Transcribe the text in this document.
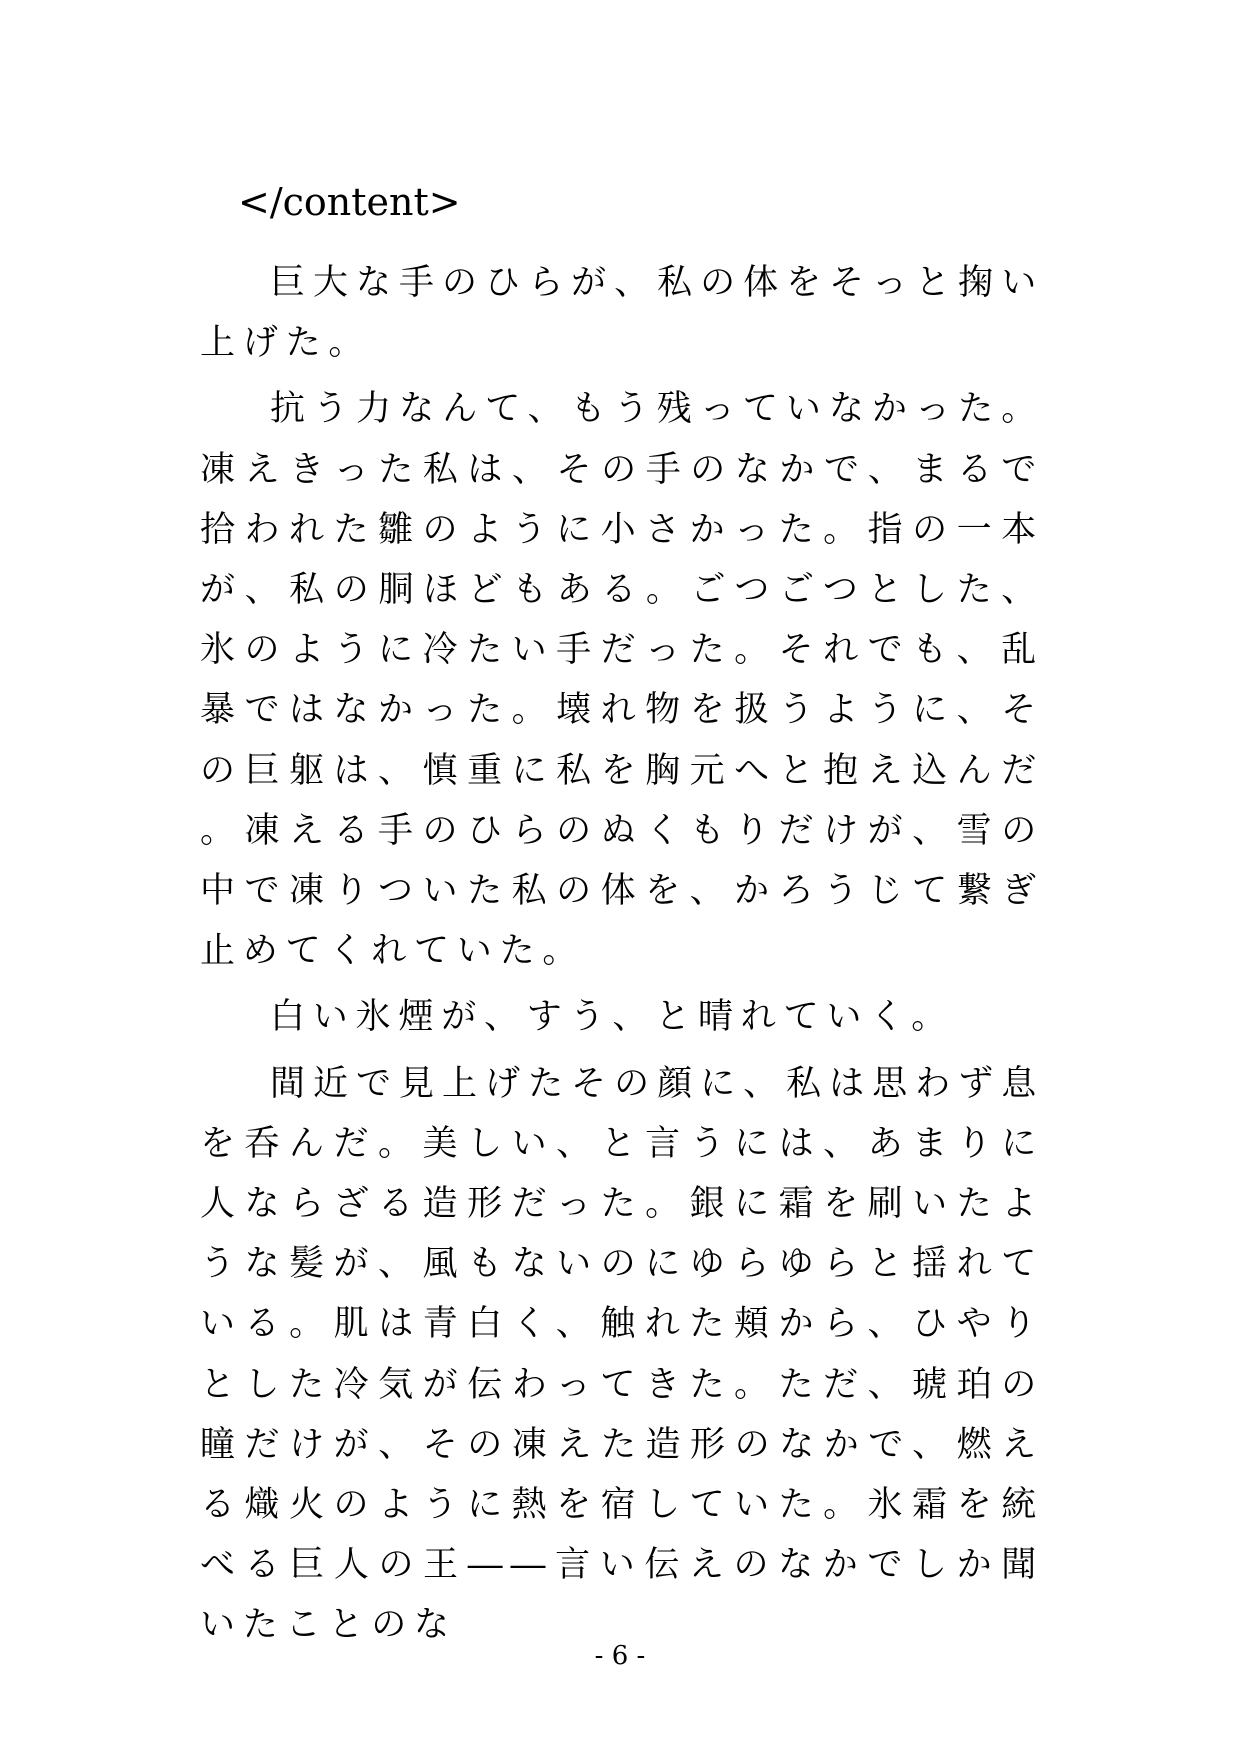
</content>

巨大な手のひらが、私の体をそっと掬い上げた。

抗う力なんて、もう残っていなかった。凍えきった私は、その手のなかで、まるで拾われた雛のように小さかった。指の一本が、私の胴ほどもある。ごつごつとした、氷のように冷たい手だった。それでも、乱暴ではなかった。壊れ物を扱うように、その巨躯は、慎重に私を胸元へと抱え込んだ。凍える手のひらのぬくもりだけが、雪の中で凍りついた私の体を、かろうじて繋ぎ止めてくれていた。

白い氷煙が、すう、と晴れていく。

間近で見上げたその顔に、私は思わず息を呑んだ。美しい、と言うには、あまりに人ならざる造形だった。銀に霜を刷いたような髪が、風もないのにゆらゆらと揺れている。肌は青白く、触れた頬から、ひやりとした冷気が伝わってきた。ただ、琥珀の瞳だけが、その凍えた造形のなかで、燃える熾火のように熱を宿していた。氷霜を統べる巨人の王――言い伝えのなかでしか聞いたことのな

- 6 -
